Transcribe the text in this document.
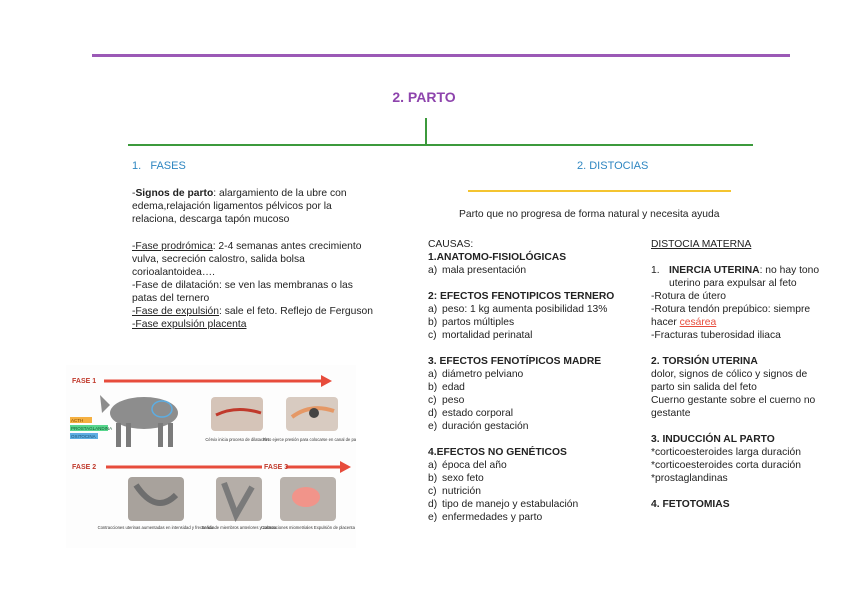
2. PARTO
1.   FASES	2. DISTOCIAS

-Signos de parto: alargamiento de la ubre con edema,relajación ligamentos pélvicos por la relaciona, descarga tapón mucoso

-Fase prodrómica: 2-4 semanas antes crecimiento vulva, secreción calostro, salida bolsa corioalantoidea….

-Fase de dilatación: se ven las membranas o las patas del ternero

-Fase de expulsión: sale el feto. Reflejo de Ferguson

-Fase expulsión placenta

FASE 1
ACTH
PROSTAGLANDINA
OXITOCINA
Cérvix inicia proceso de dilatación
Feto ejerce presión para colocarse en canal de parto
FASE 2	FASE 3
Contracciones uterinas aumentadas en intensidad y frecuencia
Salida de miembros anteriores y cabeza
Contracciones miometriales Expulsión de placenta
Parto que no progresa de forma natural y necesita ayuda

CAUSAS:

1.ANATOMO-FISIOLÓGICAS

a) mala presentación

2: EFECTOS FENOTIPICOS TERNERO

a) peso: 1 kg aumenta posibilidad 13%
b) partos múltiples
c) mortalidad perinatal

3. EFECTOS FENOTÍPICOS MADRE

a) diámetro pelviano
b) edad
c) peso
d) estado corporal
e) duración gestación

4.EFECTOS NO GENÉTICOS

a) época del año
b) sexo feto
c) nutrición
d) tipo de manejo y estabulación
e) enfermedades y parto

DISTOCIA MATERNA

1. INERCIA UTERINA: no hay tono uterino para expulsar al feto

-Rotura de útero

-Rotura tendón prepúbico: siempre hacer cesárea

-Fracturas tuberosidad iliaca

2. TORSIÓN UTERINA

dolor, signos de cólico y signos de parto sin salida del feto

Cuerno gestante sobre el cuerno no gestante

3. INDUCCIÓN AL PARTO

*corticoesteroides larga duración

*corticoesteroides corta duración

*prostaglandinas

4. FETOTOMIAS
